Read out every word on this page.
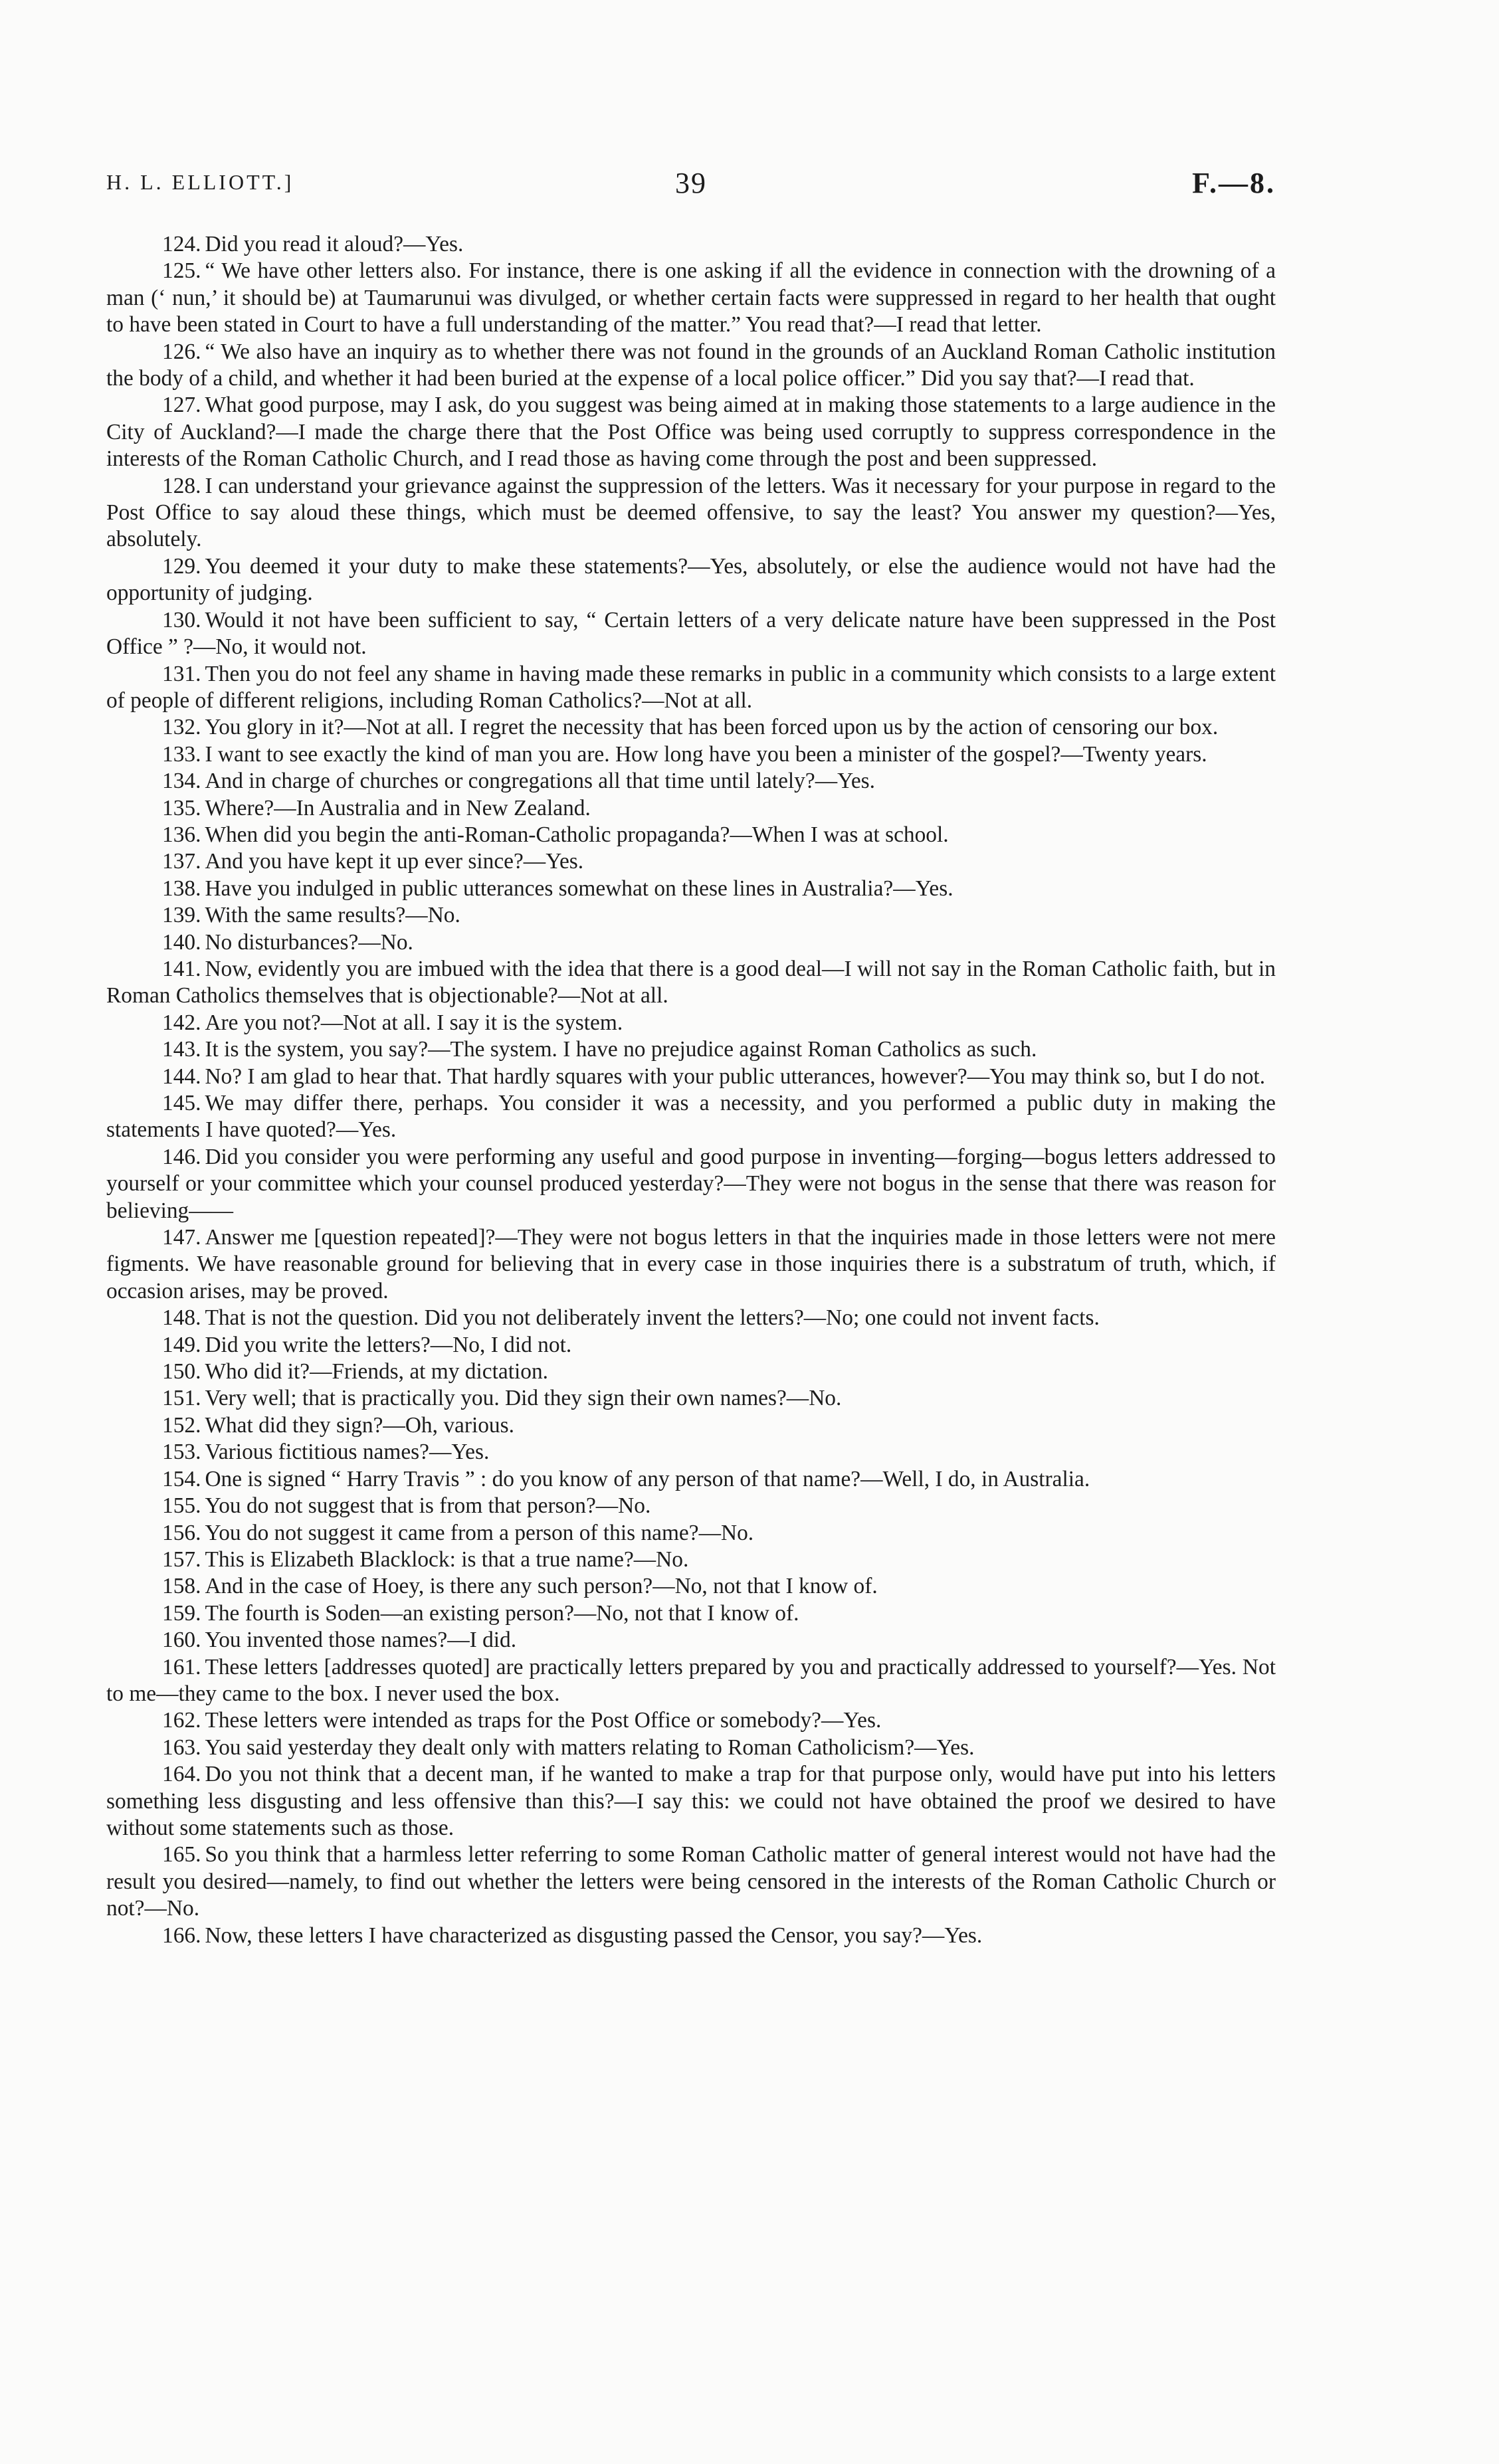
H. L. ELLIOTT.]	39	F.—8.

124. Did you read it aloud?—Yes.

125. “ We have other letters also. For instance, there is one asking if all the evidence in connection with the drowning of a man (‘ nun,’ it should be) at Taumarunui was divulged, or whether certain facts were suppressed in regard to her health that ought to have been stated in Court to have a full understanding of the matter.” You read that?—I read that letter.

126. “ We also have an inquiry as to whether there was not found in the grounds of an Auckland Roman Catholic institution the body of a child, and whether it had been buried at the expense of a local police officer.” Did you say that?—I read that.

127. What good purpose, may I ask, do you suggest was being aimed at in making those statements to a large audience in the City of Auckland?—I made the charge there that the Post Office was being used corruptly to suppress correspondence in the interests of the Roman Catholic Church, and I read those as having come through the post and been suppressed.

128. I can understand your grievance against the suppression of the letters. Was it necessary for your purpose in regard to the Post Office to say aloud these things, which must be deemed offensive, to say the least? You answer my question?—Yes, absolutely.

129. You deemed it your duty to make these statements?—Yes, absolutely, or else the audience would not have had the opportunity of judging.

130. Would it not have been sufficient to say, “ Certain letters of a very delicate nature have been suppressed in the Post Office ” ?—No, it would not.

131. Then you do not feel any shame in having made these remarks in public in a community which consists to a large extent of people of different religions, including Roman Catholics?—Not at all.

132. You glory in it?—Not at all. I regret the necessity that has been forced upon us by the action of censoring our box.

133. I want to see exactly the kind of man you are. How long have you been a minister of the gospel?—Twenty years.

134. And in charge of churches or congregations all that time until lately?—Yes.

135. Where?—In Australia and in New Zealand.

136. When did you begin the anti-Roman-Catholic propaganda?—When I was at school.

137. And you have kept it up ever since?—Yes.

138. Have you indulged in public utterances somewhat on these lines in Australia?—Yes.

139. With the same results?—No.

140. No disturbances?—No.

141. Now, evidently you are imbued with the idea that there is a good deal—I will not say in the Roman Catholic faith, but in Roman Catholics themselves that is objectionable?—Not at all.

142. Are you not?—Not at all. I say it is the system.

143. It is the system, you say?—The system. I have no prejudice against Roman Catholics as such.

144. No? I am glad to hear that. That hardly squares with your public utterances, however?—You may think so, but I do not.

145. We may differ there, perhaps. You consider it was a necessity, and you performed a public duty in making the statements I have quoted?—Yes.

146. Did you consider you were performing any useful and good purpose in inventing—forging—bogus letters addressed to yourself or your committee which your counsel produced yesterday?—They were not bogus in the sense that there was reason for believing——

147. Answer me [question repeated]?—They were not bogus letters in that the inquiries made in those letters were not mere figments. We have reasonable ground for believing that in every case in those inquiries there is a substratum of truth, which, if occasion arises, may be proved.

148. That is not the question. Did you not deliberately invent the letters?—No; one could not invent facts.

149. Did you write the letters?—No, I did not.

150. Who did it?—Friends, at my dictation.

151. Very well; that is practically you. Did they sign their own names?—No.

152. What did they sign?—Oh, various.

153. Various fictitious names?—Yes.

154. One is signed “ Harry Travis ” : do you know of any person of that name?—Well, I do, in Australia.

155. You do not suggest that is from that person?—No.

156. You do not suggest it came from a person of this name?—No.

157. This is Elizabeth Blacklock: is that a true name?—No.

158. And in the case of Hoey, is there any such person?—No, not that I know of.

159. The fourth is Soden—an existing person?—No, not that I know of.

160. You invented those names?—I did.

161. These letters [addresses quoted] are practically letters prepared by you and practically addressed to yourself?—Yes. Not to me—they came to the box. I never used the box.

162. These letters were intended as traps for the Post Office or somebody?—Yes.

163. You said yesterday they dealt only with matters relating to Roman Catholicism?—Yes.

164. Do you not think that a decent man, if he wanted to make a trap for that purpose only, would have put into his letters something less disgusting and less offensive than this?—I say this: we could not have obtained the proof we desired to have without some statements such as those.

165. So you think that a harmless letter referring to some Roman Catholic matter of general interest would not have had the result you desired—namely, to find out whether the letters were being censored in the interests of the Roman Catholic Church or not?—No.

166. Now, these letters I have characterized as disgusting passed the Censor, you say?—Yes.
